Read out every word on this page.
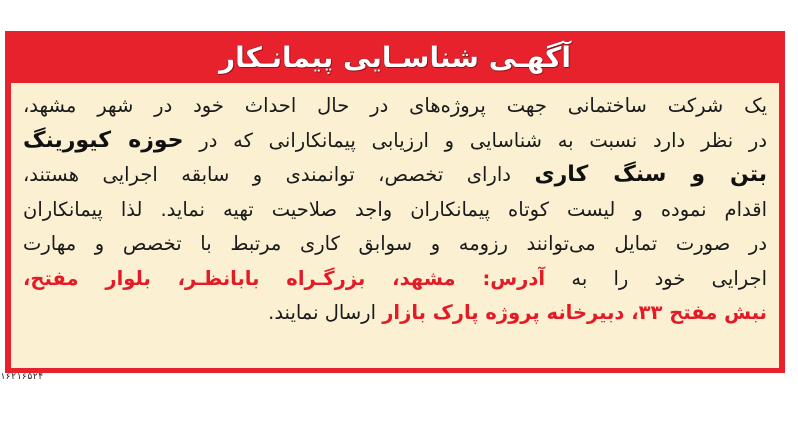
آگهـی شناسـایی پیمانـکار
یک شرکت ساختمانی جهت پروژه‌های در حال احداث خود در شهر مشهد،
در نظر دارد نسبت به شناسایی و ارزیابی پیمانکارانی که در حوزه کیورینگ
بتن و سنگ کاری دارای تخصص، توانمندی و سابقه اجرایی هستند،
اقدام نموده و لیست کوتاه پیمانکاران واجد صلاحیت تهیه نماید. لذا پیمانکاران
در صورت تمایل می‌توانند رزومه و سوابق کاری مرتبط با تخصص و مهارت
اجرایی خود را به آدرس: مشهد، بزرگـراه بابانظـر، بلوار مفتح،
نبش مفتح ۳۳، دبیرخانه پروژه پارک بازار ارسال نمایند.
۱۶۲۱۶۵۲۴
